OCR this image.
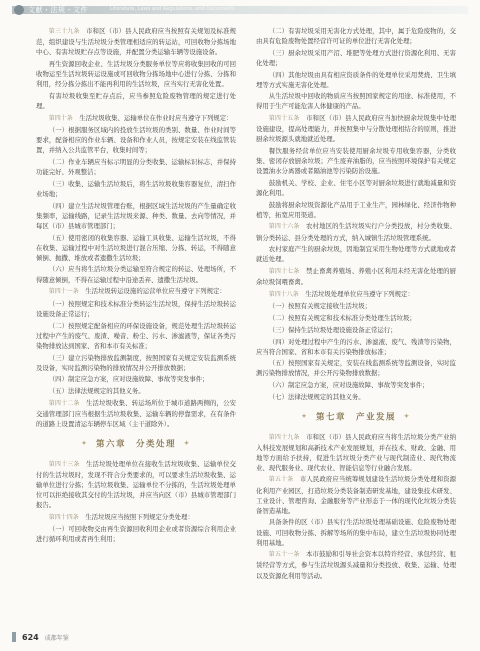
文献・法规・文件	Literature, Laws and Regulations, and Documents

第三十九条　 市和区（市）县人民政府应当按照有关规划及标准规范，组织建设与生活垃圾分类管理相适应的转运站，可回收物分拣场地中心、有害垃圾贮存点等设施，并配置分类运输车辆等设施设备。

再生资源回收企业、生活垃圾分类服务单位等应将收集回收的可回收物运至生活垃圾转运设施或可回收物分拣场地中心进行分拣、分拣和利用，经分拣分拣出不能再利用的生活垃圾，应当实行无害化处置。

有害垃圾收集至贮存点后，应当参照危险废物管理的规定进行处理。

第四十条　 生活垃圾收集、运输单位在作业时应当遵守下列规定：

（一）根据服务区域内的投放生活垃圾的类别、数量、作业时间等要求，配备相应的作业车辆、设备和作业人员，按规定安装在线监管装置，并纳入公共监管平台，收集时间等；

（二）作业车辆应当标示明显的分类收集、运输标识标志，并保持功能完好、外观整洁；

（三）收集、运输生活垃圾后，将生活垃圾收集容器复位，清扫作业场地；

（四）建立生活垃圾管理台账，根据区域生活垃圾的产生量确定收集频率，运输线路，记录生活垃圾来源、种类、数量、去向等情况，并每区（市）县城市管理部门；

（五）使用密闭的收集容器、运输工具收集、运输生活垃圾，不得在收集、运输过程中对生活垃圾进行混合压缩、分拣、转运，不得随意倾倒、抛撒、堆放或者遗撒生活垃圾；

（六）应当将生活垃圾分类运输至符合规定的转运、处理场所，不得随意倾倒，不得在运输过程中沿途丢弃、遗撒生活垃圾。

第四十一条　 生活垃圾转运设施的运营单位应当遵守下列规定：

（一）按照规定和技术标准分类转运生活垃圾，保持生活垃圾转运设施设备正常运行；

（二）按照规定配备相应的环保设施设备，规范处理生活垃圾转运过程中产生的废气、废渣、噪音、粉尘、污水、渗滤液等，保证各类污染物排放达到国家、省和本市有关标准；

（三）建立污染物排放监测制度，按照国家有关规定安装监测系统及设备，实时监测污染物的排放情况并公开排放数据；

（四）制定应急方案，应对设施故障、事故等突发事件；

（五）法律法规规定的其他义务。

第四十二条　 生活垃圾收集、转运场所位于城市道路两侧的，公安交通管理部门应当根据生活垃圾收集、运输车辆的停靠需求，在有条件的道路上设置清运车辆停车区域（主干道除外）。

✦ 第六章　分类处理 ✦

第四十三条　 生活垃圾处理单位在接收生活垃圾收集、运输单位交付的生活垃圾时，发现不符合分类要求的，可以要求生活垃圾收集、运输单位进行分拣；生活垃圾收集、运输单位不分拣的，生活垃圾处理单位可以拒绝接收其交付的生活垃圾，并应当向区（市）县城市管理部门报告。

第四十四条　 生活垃圾应当按照下列规定分类处理：

（一）可回收物交由再生资源回收利用企业或者资源综合利用企业进行循环利用或者再生利用；

（二）有害垃圾采用无害化方式处理，其中，属于危险废物的，交由具有危险废物处置经营许可证的单位进行无害化处理；

（三）厨余垃圾采用产沼、堆肥等处理方式进行资源化利用、无害化处理；

（四）其他垃圾由具有相应资质条件的处理单位采用焚烧、卫生填埋等方式实施无害化处理。

从生活垃圾中回收的物质应当按照国家规定的用途、标准使用，不得用于生产可能危害人体健康的产品。

第四十五条　 市和区（市）县人民政府应当加快厨余垃圾集中处理设施建设，提高处理能力，并按照集中与分散处理相结合的原则，推进厨余垃圾源头就地就近处理。

餐饮服务经营单位应当安装使用厨余垃圾专用收集容器，分类收集、密闭存放厨余垃圾；产生废弃油脂的，应当按照环境保护有关规定设置油水分离器或者隔油池等污染防治设施。

鼓励机关、学校、企业、住宅小区等对厨余垃圾进行就地减量和资源化利用。

鼓励将厨余垃圾资源化产品用于工业生产，园林绿化、经济作物种植等，拓宽应用渠道。

第四十六条　 农村地区的生活垃圾实行户分类投放，村分类收集、镇分类转运、县分类处理的方式，纳入城镇生活垃圾管理系统。

农村家庭产生的厨余垃圾，因地制宜采用生物处理等方式就地或者就近处理。

第四十七条　 禁止畜禽养殖场、养殖小区利用未经无害化处理的厨余垃圾饲喂畜禽。

第四十八条　 生活垃圾处理单位应当遵守下列规定：

（一）按照有关规定接收生活垃圾；

（二）按照有关规定和技术标准分类处理生活垃圾；

（三）保持生活垃圾处理设施设备正常运行；

（四）对处理过程中产生的污水、渗滤液、废气、残渣等污染物，应当符合国家、省和本市有关污染物排放标准；

（五）按照国家有关规定，安装在线监测系统等监测设备，实时监测污染物排放情况，并公开污染物排放数据；

（六）制定应急方案，应对设施故障、事故等突发事件；

（七）法律法规规定的其他义务。

✦ 第七章　产业发展 ✦

第四十九条　 市和区（市）县人民政府应当将生活垃圾分类产业纳入科技发展规划和高新技术产业发展规划，并在技术、财政、金融、用地等方面给予扶持，促进生活垃圾分类产业与现代制造业、现代物流业、现代服务业、现代农业、智能信息等行业融合发展。

第五十条　 市人民政府应当统筹规划建设生活垃圾分类处理和资源化利用产业园区，打造垃圾分类装备制造研发基地，建设集技术研发、工业设计、管理咨询、金融服务等产业形态于一体的现代化垃圾分类装备智造基地。

具备条件的区（市）县实行生活垃圾处理基础设施、危险废物处理设施、可回收物分拣、拆解等场所的集中布局，建立生活垃圾协同处理利用基地。

第五十一条　 本市鼓励和引导社会资本以特许经营、承包经营、租赁经营等方式，参与生活垃圾源头减量和分类投放、收集、运输、处理以及资源化利用等活动。

624 成都年鉴
